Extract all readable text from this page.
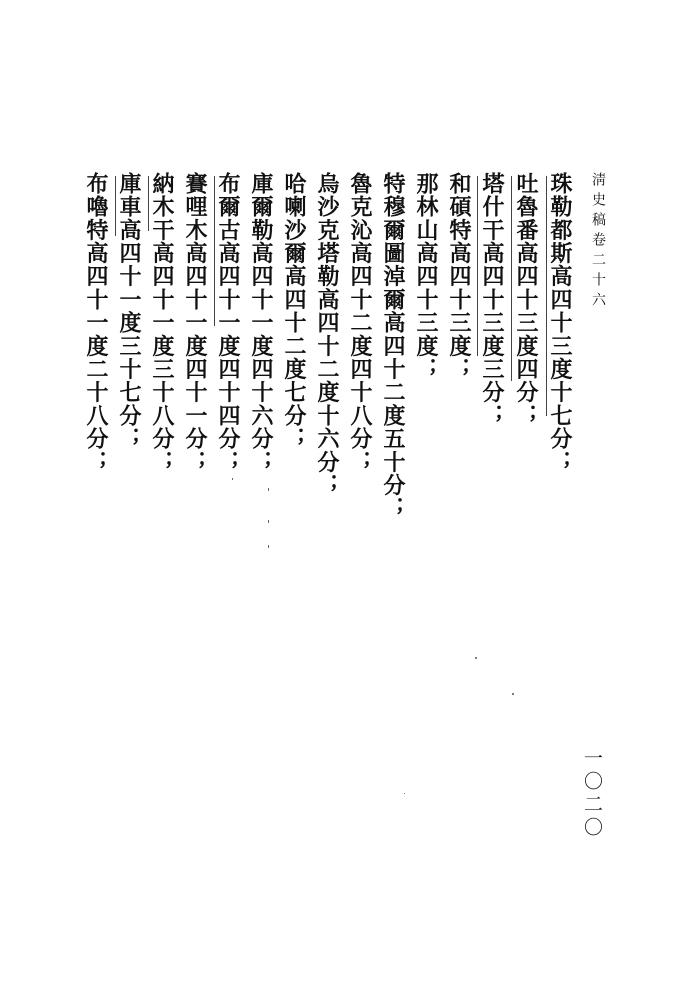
淸史稿卷二十六
一〇二〇
珠勒都斯高四十三度十七分；
吐魯番高四十三度四分；
塔什干高四十三度三分；
和碩特高四十三度；
那林山高四十三度；
特穆爾圖淖爾高四十二度五十分；
魯克沁高四十二度四十八分；
烏沙克塔勒高四十二度十六分；
哈喇沙爾高四十二度七分；
庫爾勒高四十一度四十六分；
布爾古高四十一度四十四分；
賽哩木高四十一度四十一分；
納木干高四十一度三十八分；
庫車高四十一度三十七分；
布嚕特高四十一度二十八分；
